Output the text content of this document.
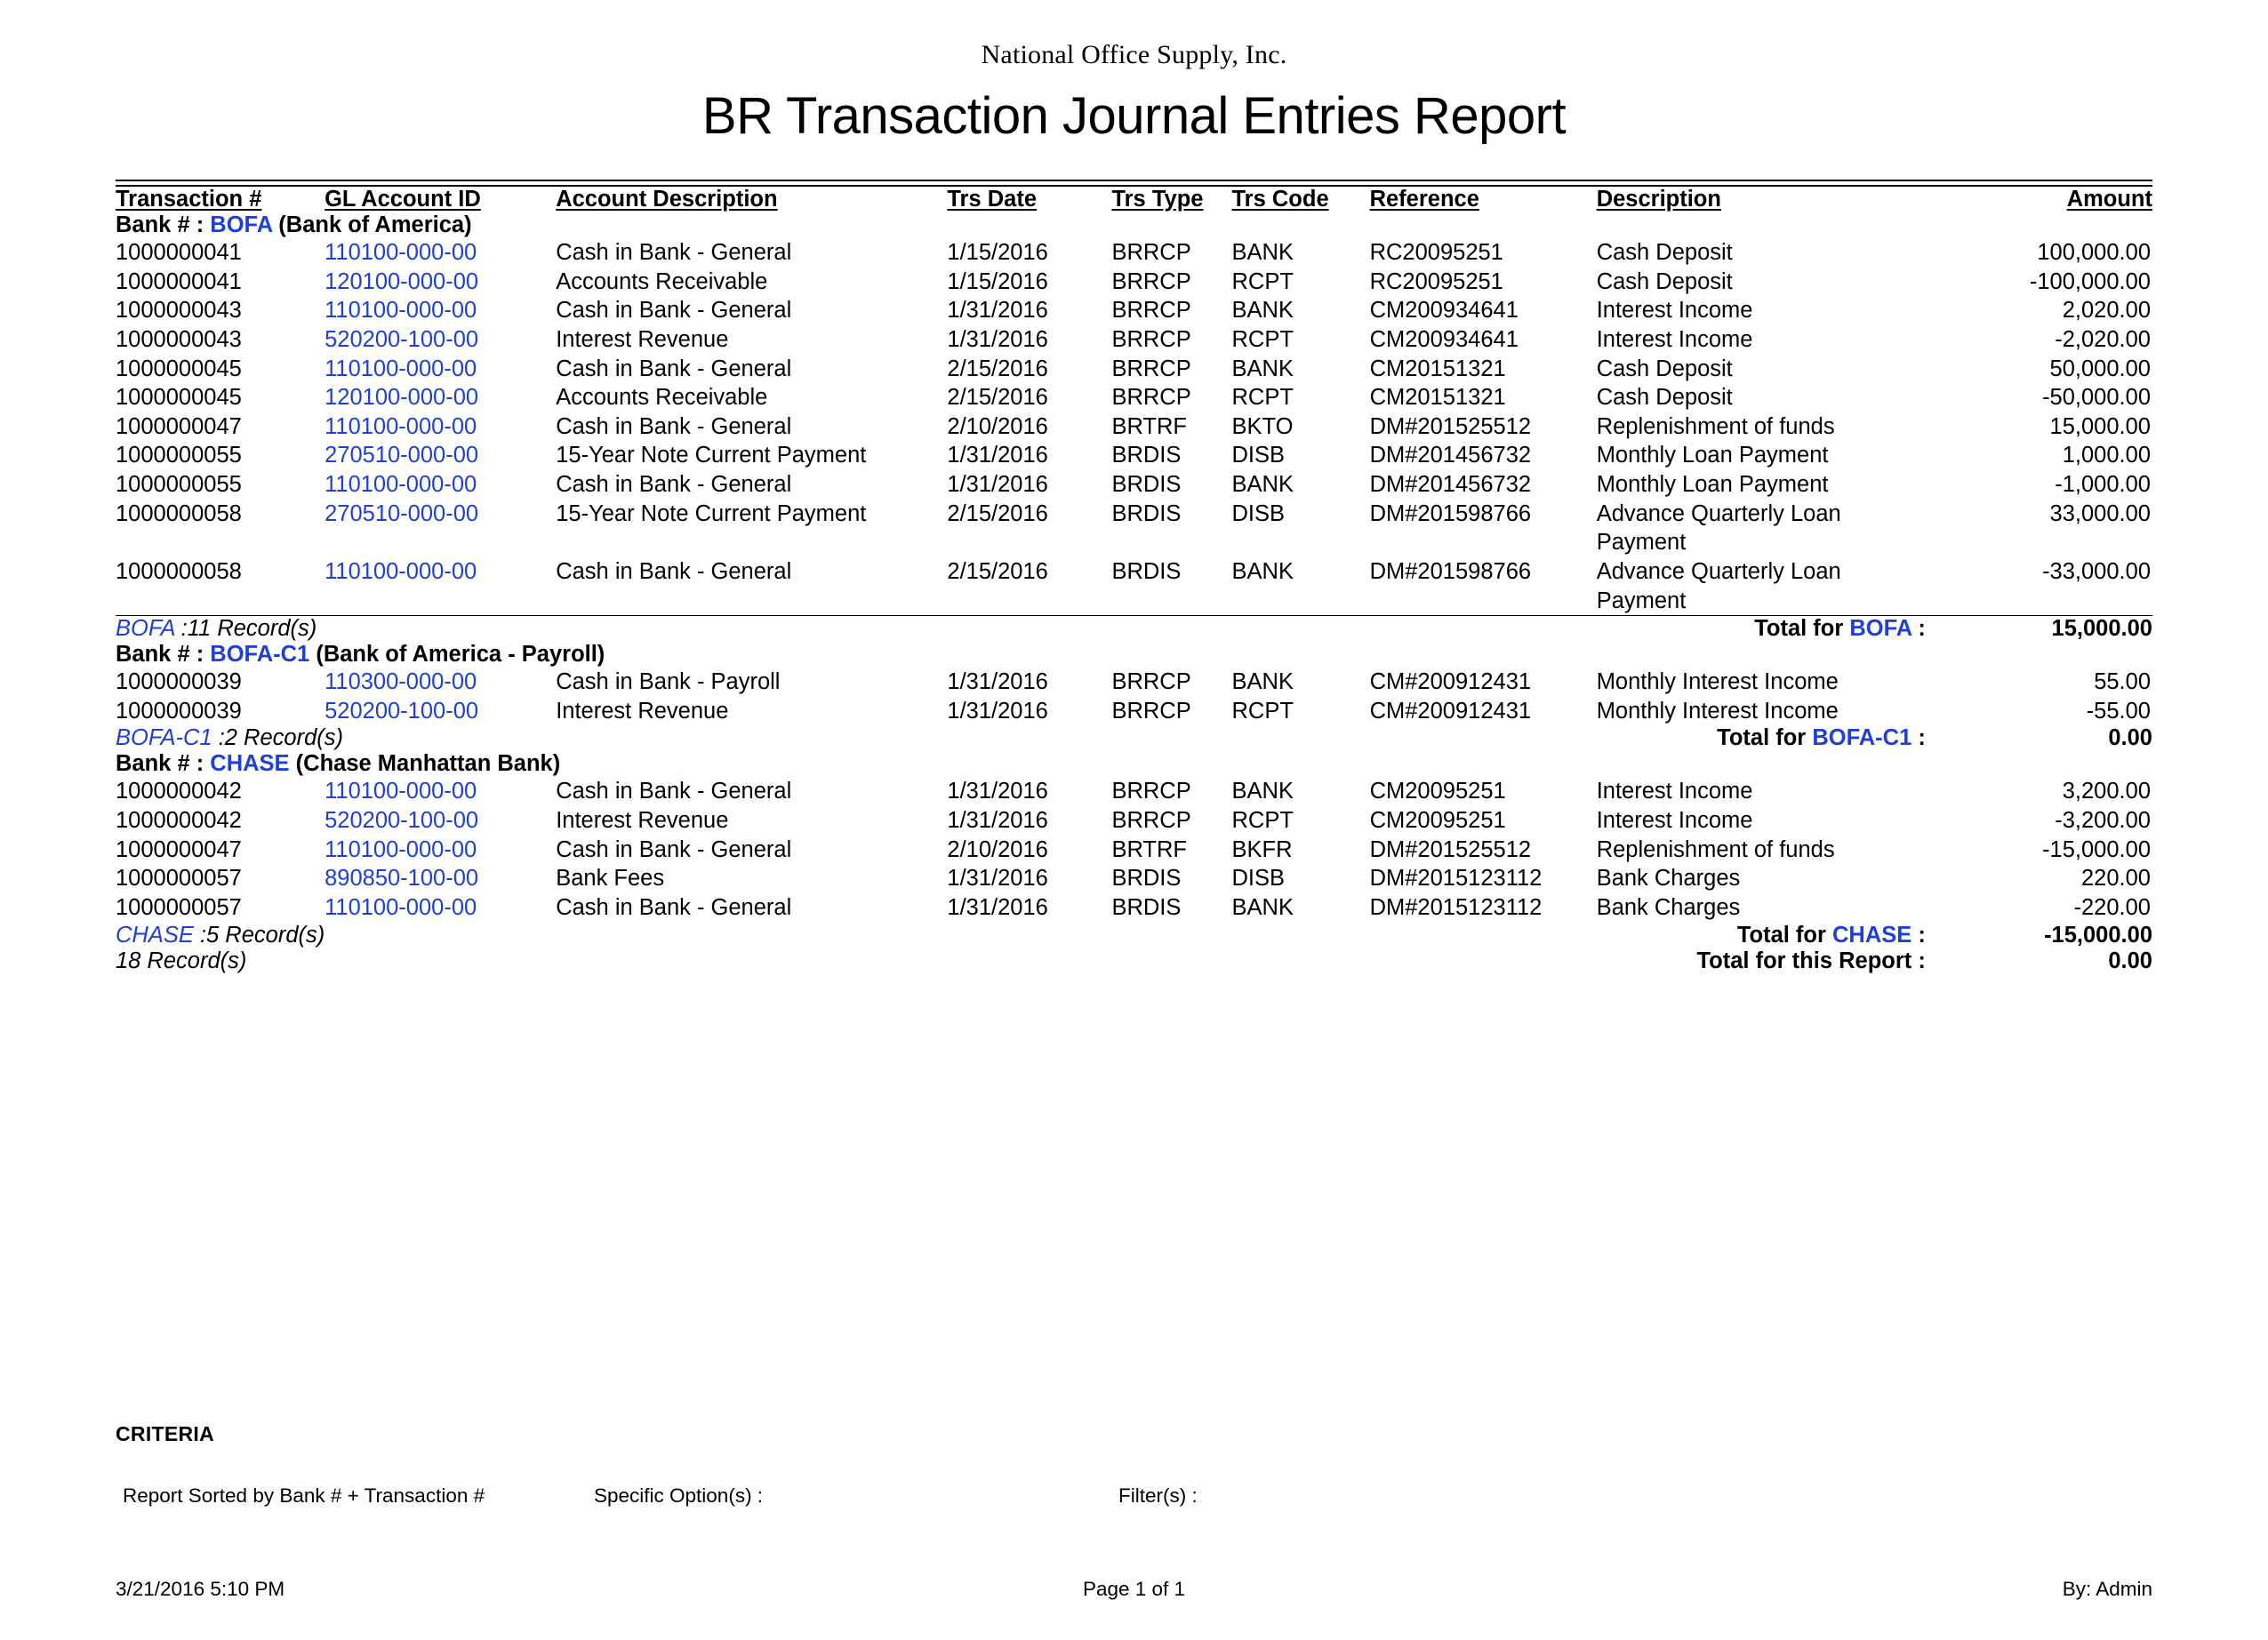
National Office Supply, Inc.
BR Transaction Journal Entries Report
Transaction #	GL Account ID	Account Description	Trs Date	Trs Type	Trs Code	Reference	Description	Amount
Bank # : BOFA (Bank of America)								
1000000041	110100-000-00	Cash in Bank - General	1/15/2016	BRRCP	BANK	RC20095251	Cash Deposit	100,000.00
1000000041	120100-000-00	Accounts Receivable	1/15/2016	BRRCP	RCPT	RC20095251	Cash Deposit	-100,000.00
1000000043	110100-000-00	Cash in Bank - General	1/31/2016	BRRCP	BANK	CM200934641	Interest Income	2,020.00
1000000043	520200-100-00	Interest Revenue	1/31/2016	BRRCP	RCPT	CM200934641	Interest Income	-2,020.00
1000000045	110100-000-00	Cash in Bank - General	2/15/2016	BRRCP	BANK	CM20151321	Cash Deposit	50,000.00
1000000045	120100-000-00	Accounts Receivable	2/15/2016	BRRCP	RCPT	CM20151321	Cash Deposit	-50,000.00
1000000047	110100-000-00	Cash in Bank - General	2/10/2016	BRTRF	BKTO	DM#201525512	Replenishment of funds	15,000.00
1000000055	270510-000-00	15-Year Note Current Payment	1/31/2016	BRDIS	DISB	DM#201456732	Monthly Loan Payment	1,000.00
1000000055	110100-000-00	Cash in Bank - General	1/31/2016	BRDIS	BANK	DM#201456732	Monthly Loan Payment	-1,000.00
1000000058	270510-000-00	15-Year Note Current Payment	2/15/2016	BRDIS	DISB	DM#201598766	Advance Quarterly Loan Payment	33,000.00
1000000058	110100-000-00	Cash in Bank - General	2/15/2016	BRDIS	BANK	DM#201598766	Advance Quarterly Loan Payment	-33,000.00
BOFA :11 Record(s)					Total for BOFA :			15,000.00
Bank # : BOFA-C1 (Bank of America - Payroll)								
1000000039	110300-000-00	Cash in Bank - Payroll	1/31/2016	BRRCP	BANK	CM#200912431	Monthly Interest Income	55.00
1000000039	520200-100-00	Interest Revenue	1/31/2016	BRRCP	RCPT	CM#200912431	Monthly Interest Income	-55.00
BOFA-C1 :2 Record(s)					Total for BOFA-C1 :			0.00
Bank # : CHASE (Chase Manhattan Bank)								
1000000042	110100-000-00	Cash in Bank - General	1/31/2016	BRRCP	BANK	CM20095251	Interest Income	3,200.00
1000000042	520200-100-00	Interest Revenue	1/31/2016	BRRCP	RCPT	CM20095251	Interest Income	-3,200.00
1000000047	110100-000-00	Cash in Bank - General	2/10/2016	BRTRF	BKFR	DM#201525512	Replenishment of funds	-15,000.00
1000000057	890850-100-00	Bank Fees	1/31/2016	BRDIS	DISB	DM#2015123112	Bank Charges	220.00
1000000057	110100-000-00	Cash in Bank - General	1/31/2016	BRDIS	BANK	DM#2015123112	Bank Charges	-220.00
CHASE :5 Record(s)					Total for CHASE :			-15,000.00
18 Record(s)					Total for this Report :			0.00
CRITERIA
Report Sorted by Bank # + Transaction #	Specific Option(s) :	Filter(s) :
3/21/2016 5:10 PM	Page 1 of 1	By: Admin
